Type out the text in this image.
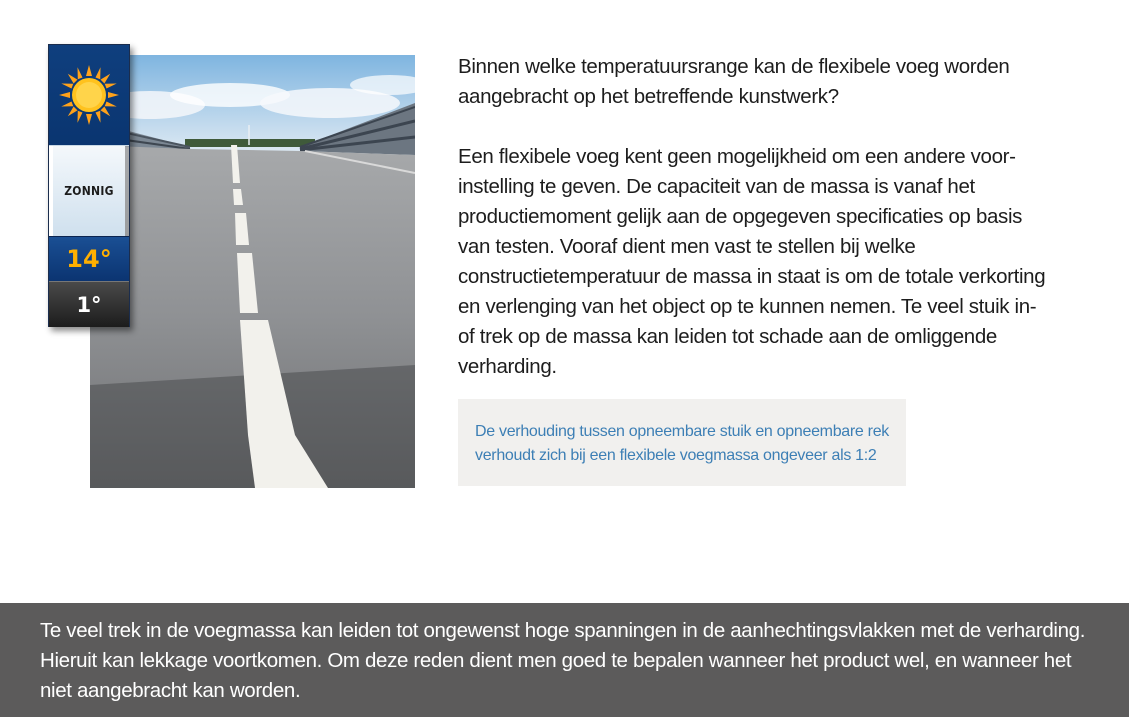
ZONNIG
14°
1°

Binnen welke temperatuursrange kan de flexibele voeg worden aangebracht op het betreffende kunstwerk?

Een flexibele voeg kent geen mogelijkheid om een andere voor-instelling te geven. De capaciteit van de massa is vanaf het productiemoment gelijk aan de opgegeven specificaties op basis van testen. Vooraf dient men vast te stellen bij welke constructietemperatuur de massa in staat is om de totale verkorting en verlenging van het object op te kunnen nemen. Te veel stuik in- of trek op de massa kan leiden tot schade aan de omliggende verharding.

De verhouding tussen opneembare stuik en opneembare rek verhoudt zich bij een flexibele voegmassa ongeveer als 1:2

Te veel trek in de voegmassa kan leiden tot ongewenst hoge spanningen in de aanhechtingsvlakken met de verharding. Hieruit kan lekkage voortkomen. Om deze reden dient men goed te bepalen wanneer het product wel, en wanneer het niet aangebracht kan worden.
